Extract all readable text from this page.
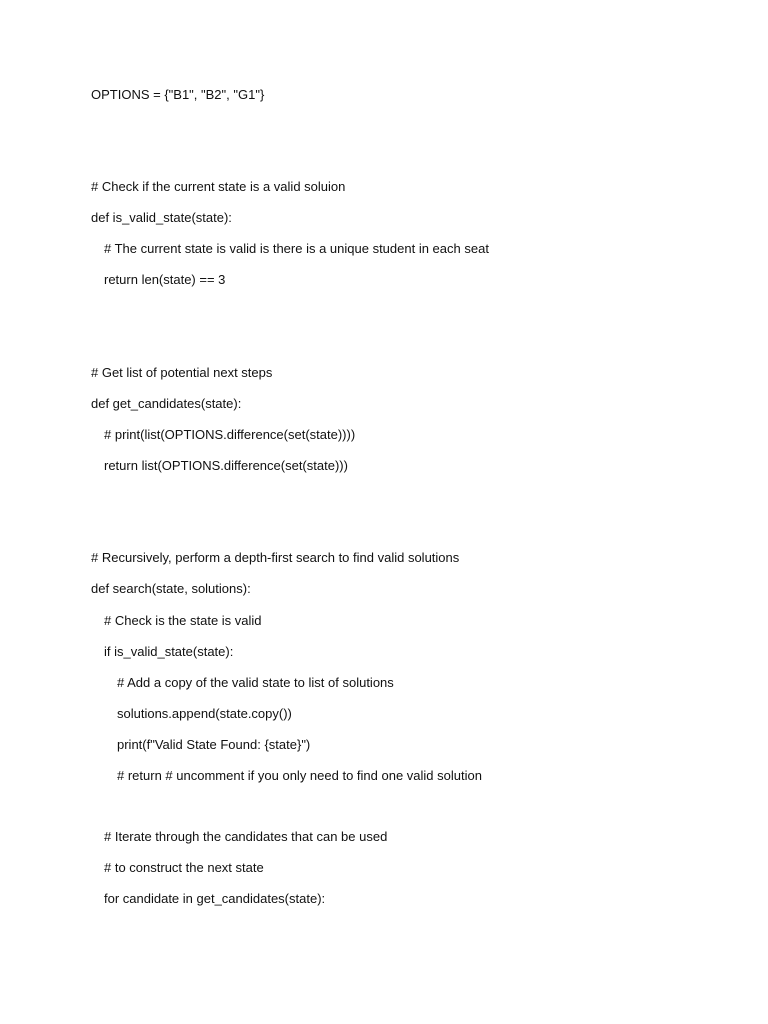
OPTIONS = {"B1", "B2", "G1"}
# Check if the current state is a valid soluion
def is_valid_state(state):
# The current state is valid is there is a unique student in each seat
return len(state) == 3
# Get list of potential next steps
def get_candidates(state):
# print(list(OPTIONS.difference(set(state))))
return list(OPTIONS.difference(set(state)))
# Recursively, perform a depth-first search to find valid solutions
def search(state, solutions):
# Check is the state is valid
if is_valid_state(state):
# Add a copy of the valid state to list of solutions
solutions.append(state.copy())
print(f"Valid State Found: {state}")
# return # uncomment if you only need to find one valid solution
# Iterate through the candidates that can be used
# to construct the next state
for candidate in get_candidates(state):
